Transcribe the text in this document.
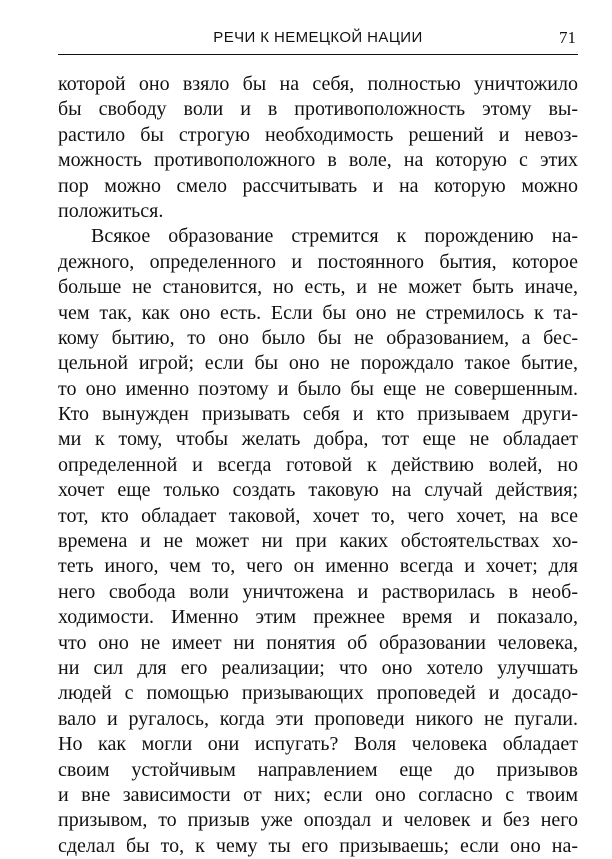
РЕЧИ К НЕМЕЦКОЙ НАЦИИ	71
которой оно взяло бы на себя, полностью уничтожило
бы свободу воли и в противоположность этому вы-
растило бы строгую необходимость решений и невоз-
можность противоположного в воле, на которую с этих
пор можно смело рассчитывать и на которую можно
положиться.
Всякое образование стремится к порождению на-
дежного, определенного и постоянного бытия, которое
больше не становится, но есть, и не может быть иначе,
чем так, как оно есть. Если бы оно не стремилось к та-
кому бытию, то оно было бы не образованием, а бес-
цельной игрой; если бы оно не порождало такое бытие,
то оно именно поэтому и было бы еще не совершенным.
Кто вынужден призывать себя и кто призываем други-
ми к тому, чтобы желать добра, тот еще не обладает
определенной и всегда готовой к действию волей, но
хочет еще только создать таковую на случай действия;
тот, кто обладает таковой, хочет то, чего хочет, на все
времена и не может ни при каких обстоятельствах хо-
теть иного, чем то, чего он именно всегда и хочет; для
него свобода воли уничтожена и растворилась в необ-
ходимости. Именно этим прежнее время и показало,
что оно не имеет ни понятия об образовании человека,
ни сил для его реализации; что оно хотело улучшать
людей с помощью призывающих проповедей и досадо-
вало и ругалось, когда эти проповеди никого не пугали.
Но как могли они испугать? Воля человека обладает
своим устойчивым направлением еще до призывов
и вне зависимости от них; если оно согласно с твоим
призывом, то призыв уже опоздал и человек и без него
сделал бы то, к чему ты его призываешь; если оно на-
